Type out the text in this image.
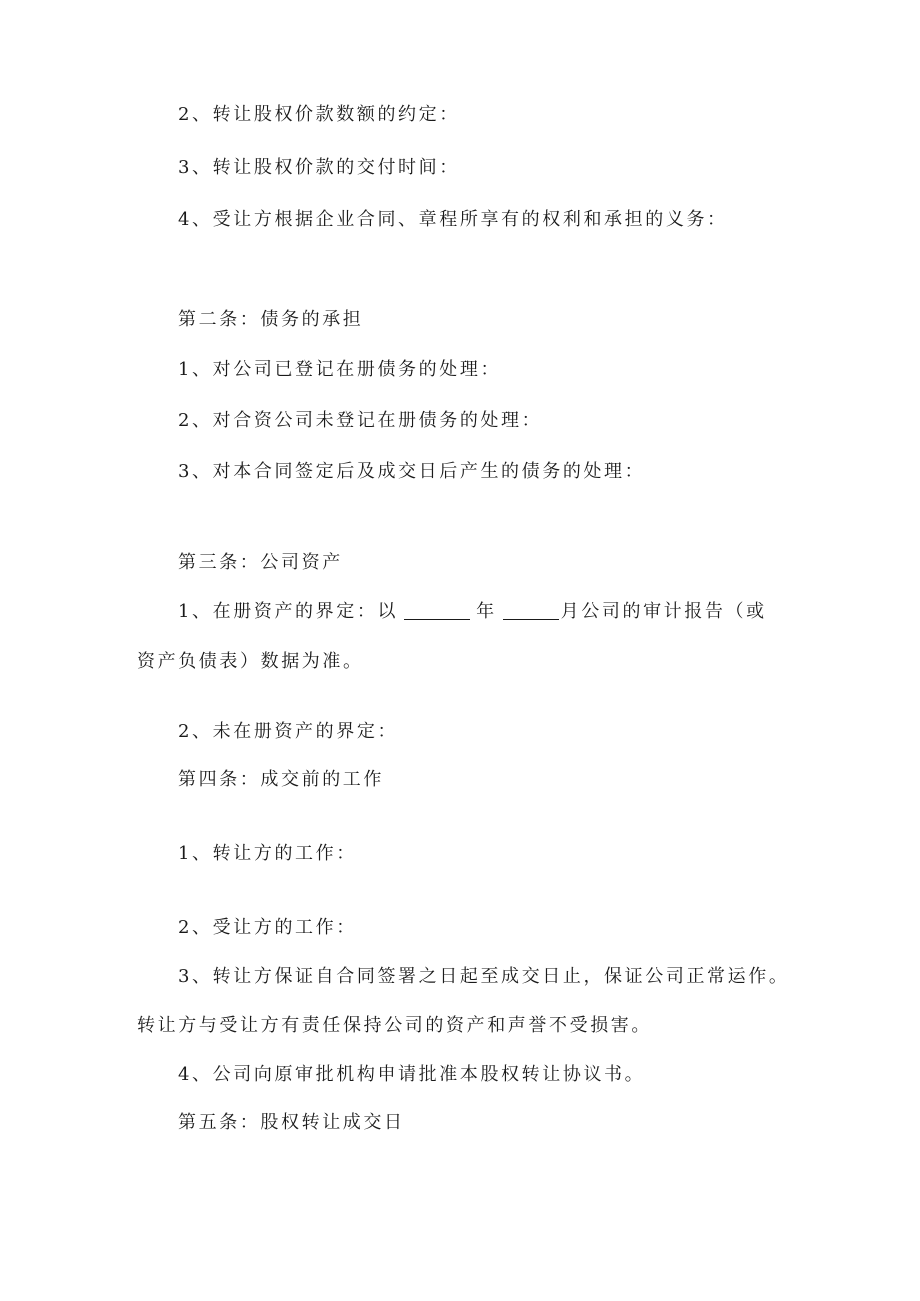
2、转让股权价款数额的约定：
3、转让股权价款的交付时间：
4、受让方根据企业合同、章程所享有的权利和承担的义务：
第二条：债务的承担
1、对公司已登记在册债务的处理：
2、对合资公司未登记在册债务的处理：
3、对本合同签定后及成交日后产生的债务的处理：
第三条：公司资产
1、在册资产的界定：以	年	月公司的审计报告（或
资产负债表）数据为准。
2、未在册资产的界定：
第四条：成交前的工作
1、转让方的工作：
2、受让方的工作：
3、转让方保证自合同签署之日起至成交日止，保证公司正常运作。
转让方与受让方有责任保持公司的资产和声誉不受损害。
4、公司向原审批机构申请批准本股权转让协议书。
第五条：股权转让成交日
